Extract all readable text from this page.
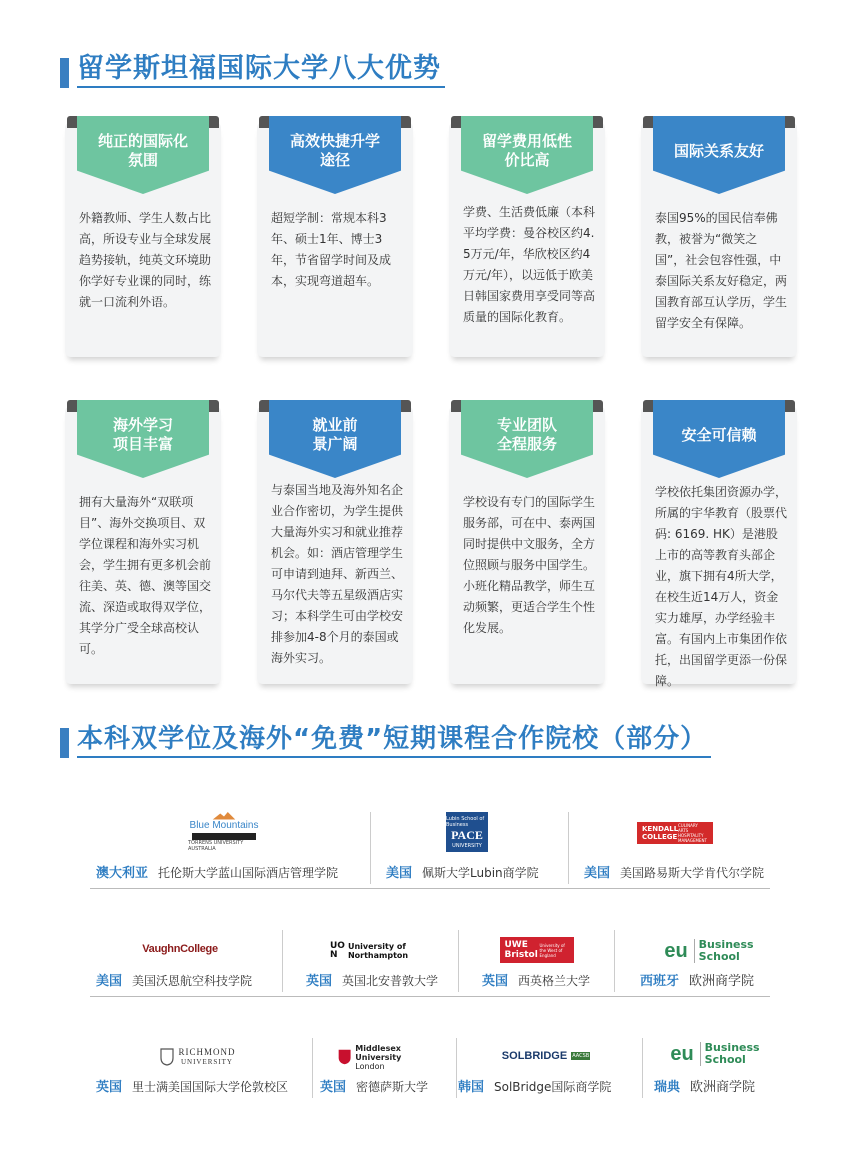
留学斯坦福国际大学八大优势
纯正的国际化氛围
外籍教师、学生人数占比高，所设专业与全球发展趋势接轨，纯英文环境助你学好专业课的同时，练就一口流利外语。
高效快捷升学途径
超短学制：常规本科3年、硕士1年、博士3年，节省留学时间及成本，实现弯道超车。
留学费用低性价比高
学费、生活费低廉（本科平均学费：曼谷校区约4.5万元/年，华欣校区约4万元/年），以远低于欧美日韩国家费用享受同等高质量的国际化教育。
国际关系友好
泰国95%的国民信奉佛教，被誉为“微笑之国”，社会包容性强，中泰国际关系友好稳定，两国教育部互认学历，学生留学安全有保障。
海外学习项目丰富
拥有大量海外“双联项目”、海外交换项目、双学位课程和海外实习机会，学生拥有更多机会前往美、英、德、澳等国交流、深造或取得双学位，其学分广受全球高校认可。
就业前景广阔
与泰国当地及海外知名企业合作密切，为学生提供大量海外实习和就业推荐机会。如：酒店管理学生可申请到迪拜、新西兰、马尔代夫等五星级酒店实习；本科学生可由学校安排参加4-8个月的泰国或海外实习。
专业团队全程服务
学校设有专门的国际学生服务部，可在中、泰两国同时提供中文服务，全方位照顾与服务中国学生。小班化精品教学，师生互动频繁，更适合学生个性化发展。
安全可信赖
学校依托集团资源办学，所属的宇华教育（股票代码: 6169. HK）是港股上市的高等教育头部企业，旗下拥有4所大学，在校生近14万人，资金实力雄厚，办学经验丰富。有国内上市集团作依托，出国留学更添一份保障。
本科双学位及海外“免费”短期课程合作院校（部分）
Blue Mountains
TORRENS UNIVERSITY AUSTRALIA
澳大利亚 托伦斯大学蓝山国际酒店管理学院
Lubin School of Business
PACE
UNIVERSITY
美国 佩斯大学Lubin商学院
KENDALL COLLEGE
CULINARY ARTS HOSPITALITY MANAGEMENT
美国 美国路易斯大学肯代尔学院
VaughnCollege
美国 美国沃恩航空科技学院
UO N
University of Northampton
英国 英国北安普敦大学
UWE Bristol
University of the West of England
英国 西英格兰大学
eu	Business School
西班牙 欧洲商学院
RICHMOND
UNIVERSITY
英国 里士满美国国际大学伦敦校区
Middlesex University
London
英国 密德萨斯大学
SOLBRIDGE AACSB
韩国 SolBridge国际商学院
eu	Business School
瑞典 欧洲商学院
